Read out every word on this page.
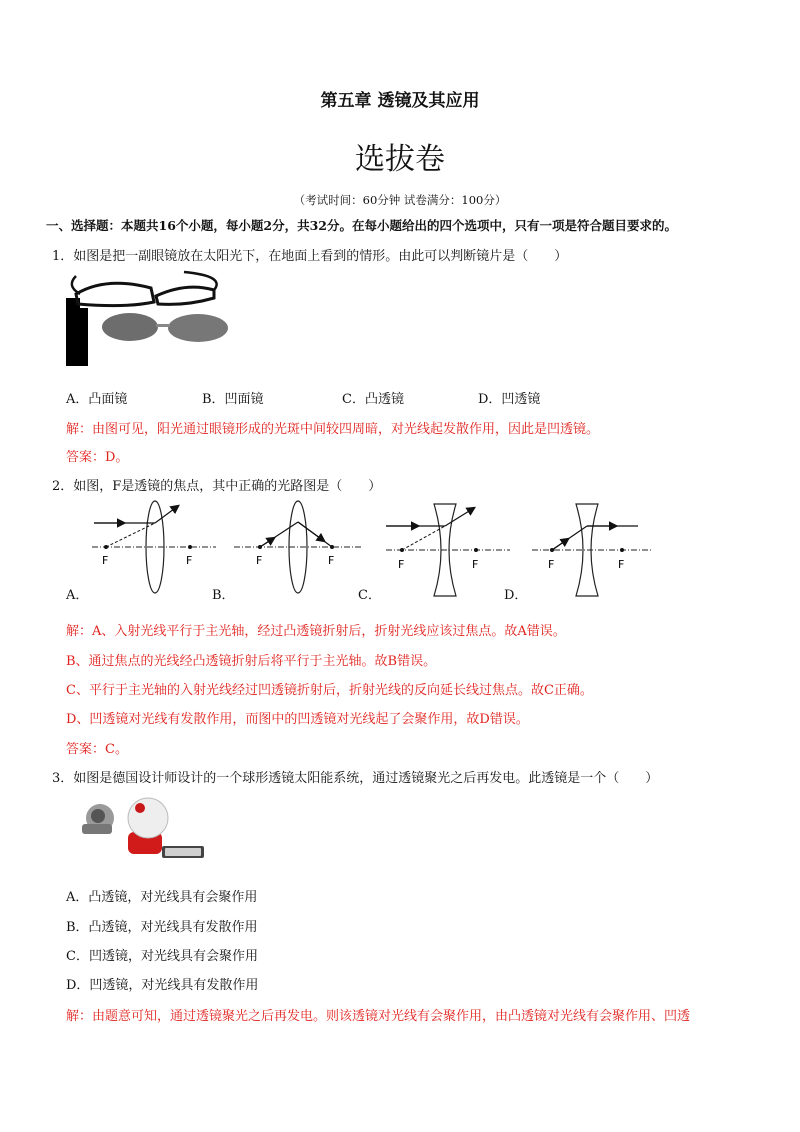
第五章 透镜及其应用
选拔卷
（考试时间：60分钟 试卷满分：100分）
一、选择题：本题共16个小题，每小题2分，共32分。在每小题给出的四个选项中，只有一项是符合题目要求的。
1．如图是把一副眼镜放在太阳光下，在地面上看到的情形。由此可以判断镜片是（　　）
A．凸面镜	B．凹面镜	C．凸透镜	D．凹透镜
解：由图可见，阳光通过眼镜形成的光斑中间较四周暗，对光线起发散作用，因此是凹透镜。
答案：D。
2．如图，F是透镜的焦点，其中正确的光路图是（　　）
F	F	F	F	F	F	F	F
A．	B．	C．	D．
解：A、入射光线平行于主光轴，经过凸透镜折射后，折射光线应该过焦点。故A错误。
B、通过焦点的光线经凸透镜折射后将平行于主光轴。故B错误。
C、平行于主光轴的入射光线经过凹透镜折射后，折射光线的反向延长线过焦点。故C正确。
D、凹透镜对光线有发散作用，而图中的凹透镜对光线起了会聚作用，故D错误。
答案：C。
3．如图是德国设计师设计的一个球形透镜太阳能系统，通过透镜聚光之后再发电。此透镜是一个（　　）
A．凸透镜，对光线具有会聚作用
B．凸透镜，对光线具有发散作用
C．凹透镜，对光线具有会聚作用
D．凹透镜，对光线具有发散作用
解：由题意可知，通过透镜聚光之后再发电。则该透镜对光线有会聚作用，由凸透镜对光线有会聚作用、凹透
